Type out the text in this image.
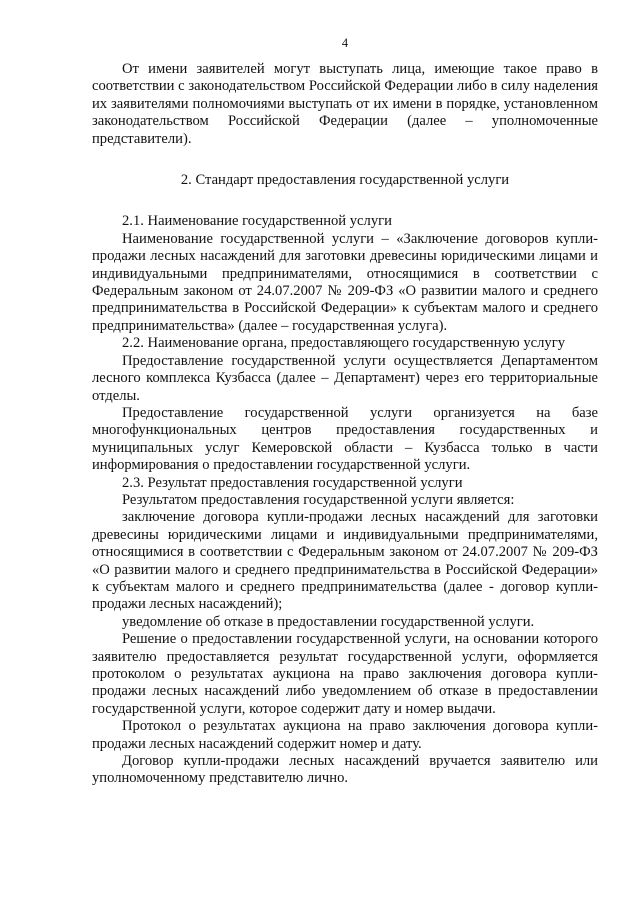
4

От имени заявителей могут выступать лица, имеющие такое право в соответствии с законодательством Российской Федерации либо в силу наделения их заявителями полномочиями выступать от их имени в порядке, установленном законодательством Российской Федерации (далее – уполномоченные представители).

2. Стандарт предоставления государственной услуги

2.1. Наименование государственной услуги

Наименование государственной услуги – «Заключение договоров купли-продажи лесных насаждений для заготовки древесины юридическими лицами и индивидуальными предпринимателями, относящимися в соответствии с Федеральным законом от 24.07.2007 № 209-ФЗ «О развитии малого и среднего предпринимательства в Российской Федерации» к субъектам малого и среднего предпринимательства» (далее – государственная услуга).

2.2. Наименование органа, предоставляющего государственную услугу

Предоставление государственной услуги осуществляется Департаментом лесного комплекса Кузбасса (далее – Департамент) через его территориальные отделы.

Предоставление государственной услуги организуется на базе многофункциональных центров предоставления государственных и муниципальных услуг Кемеровской области – Кузбасса только в части информирования о предоставлении государственной услуги.

2.3. Результат предоставления государственной услуги

Результатом предоставления государственной услуги является:

заключение договора купли-продажи лесных насаждений для заготовки древесины юридическими лицами и индивидуальными предпринимателями, относящимися в соответствии с Федеральным законом от 24.07.2007 № 209-ФЗ «О развитии малого и среднего предпринимательства в Российской Федерации» к субъектам малого и среднего предпринимательства (далее - договор купли-продажи лесных насаждений);

уведомление об отказе в предоставлении государственной услуги.

Решение о предоставлении государственной услуги, на основании которого заявителю предоставляется результат государственной услуги, оформляется протоколом о результатах аукциона на право заключения договора купли-продажи лесных насаждений либо уведомлением об отказе в предоставлении государственной услуги, которое содержит дату и номер выдачи.

Протокол о результатах аукциона на право заключения договора купли-продажи лесных насаждений содержит номер и дату.

Договор купли-продажи лесных насаждений вручается заявителю или уполномоченному представителю лично.
